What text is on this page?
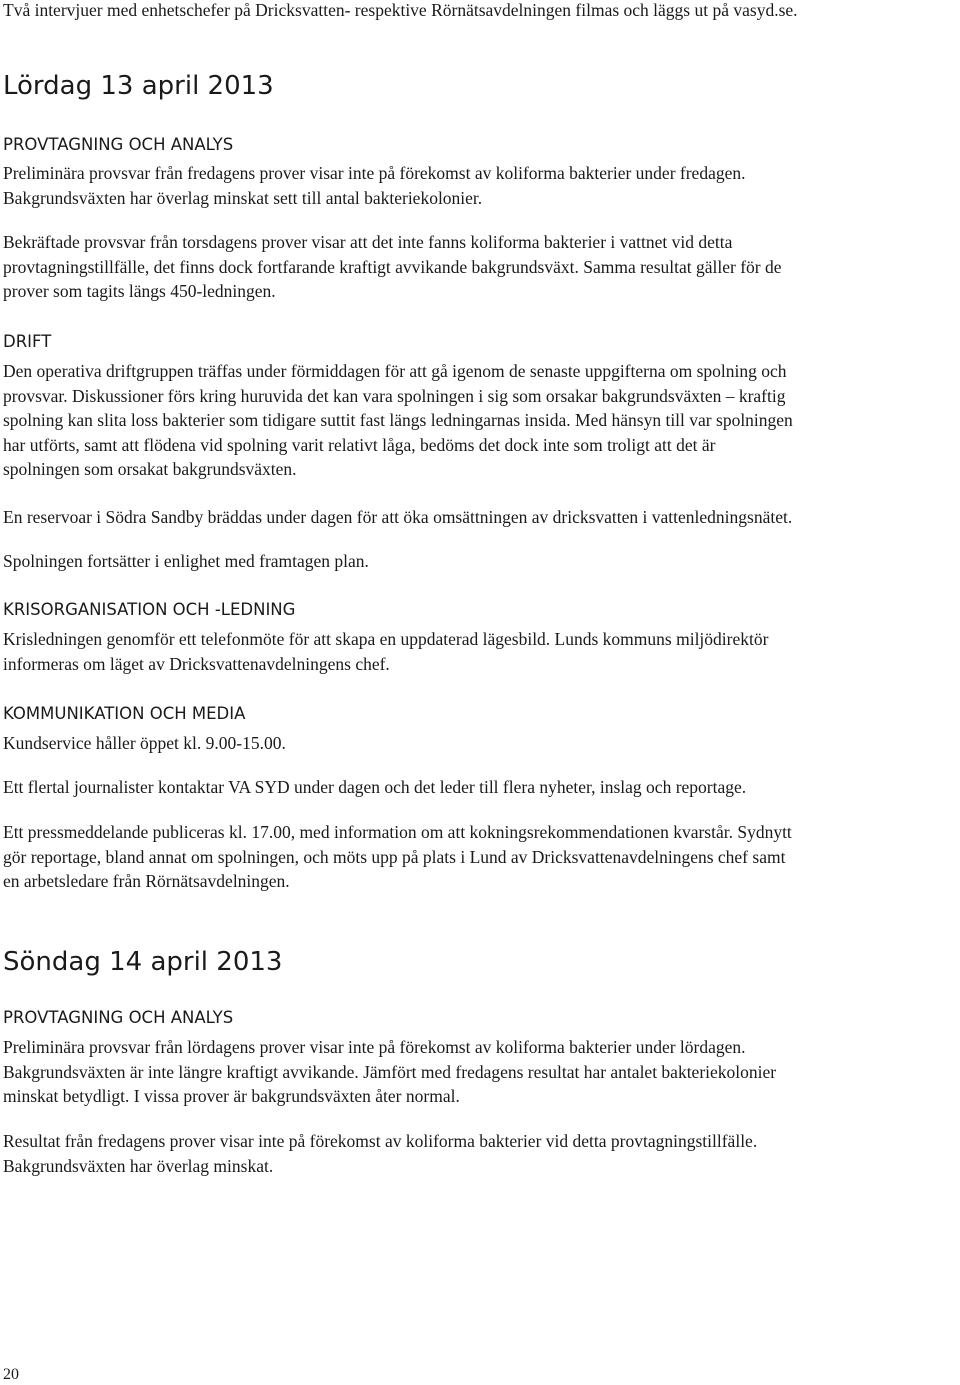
Två intervjuer med enhetschefer på Dricksvatten- respektive Rörnätsavdelningen filmas och läggs ut på vasyd.se.

Lördag 13 april 2013
PROVTAGNING OCH ANALYS

Preliminära provsvar från fredagens prover visar inte på förekomst av koliforma bakterier under fredagen.
Bakgrundsväxten har överlag minskat sett till antal bakteriekolonier.

Bekräftade provsvar från torsdagens prover visar att det inte fanns koliforma bakterier i vattnet vid detta
provtagningstillfälle, det finns dock fortfarande kraftigt avvikande bakgrundsväxt. Samma resultat gäller för de
prover som tagits längs 450-ledningen.

DRIFT

Den operativa driftgruppen träffas under förmiddagen för att gå igenom de senaste uppgifterna om spolning och
provsvar. Diskussioner förs kring huruvida det kan vara spolningen i sig som orsakar bakgrundsväxten – kraftig
spolning kan slita loss bakterier som tidigare suttit fast längs ledningarnas insida. Med hänsyn till var spolningen
har utförts, samt att flödena vid spolning varit relativt låga, bedöms det dock inte som troligt att det är
spolningen som orsakat bakgrundsväxten.

En reservoar i Södra Sandby bräddas under dagen för att öka omsättningen av dricksvatten i vattenledningsnätet.

Spolningen fortsätter i enlighet med framtagen plan.

KRISORGANISATION OCH -LEDNING

Krisledningen genomför ett telefonmöte för att skapa en uppdaterad lägesbild. Lunds kommuns miljödirektör
informeras om läget av Dricksvattenavdelningens chef.

KOMMUNIKATION OCH MEDIA

Kundservice håller öppet kl. 9.00-15.00.

Ett flertal journalister kontaktar VA SYD under dagen och det leder till flera nyheter, inslag och reportage.

Ett pressmeddelande publiceras kl. 17.00, med information om att kokningsrekommendationen kvarstår. Sydnytt
gör reportage, bland annat om spolningen, och möts upp på plats i Lund av Dricksvattenavdelningens chef samt
en arbetsledare från Rörnätsavdelningen.

Söndag 14 april 2013
PROVTAGNING OCH ANALYS

Preliminära provsvar från lördagens prover visar inte på förekomst av koliforma bakterier under lördagen.
Bakgrundsväxten är inte längre kraftigt avvikande. Jämfört med fredagens resultat har antalet bakteriekolonier
minskat betydligt. I vissa prover är bakgrundsväxten åter normal.

Resultat från fredagens prover visar inte på förekomst av koliforma bakterier vid detta provtagningstillfälle.
Bakgrundsväxten har överlag minskat.

20
